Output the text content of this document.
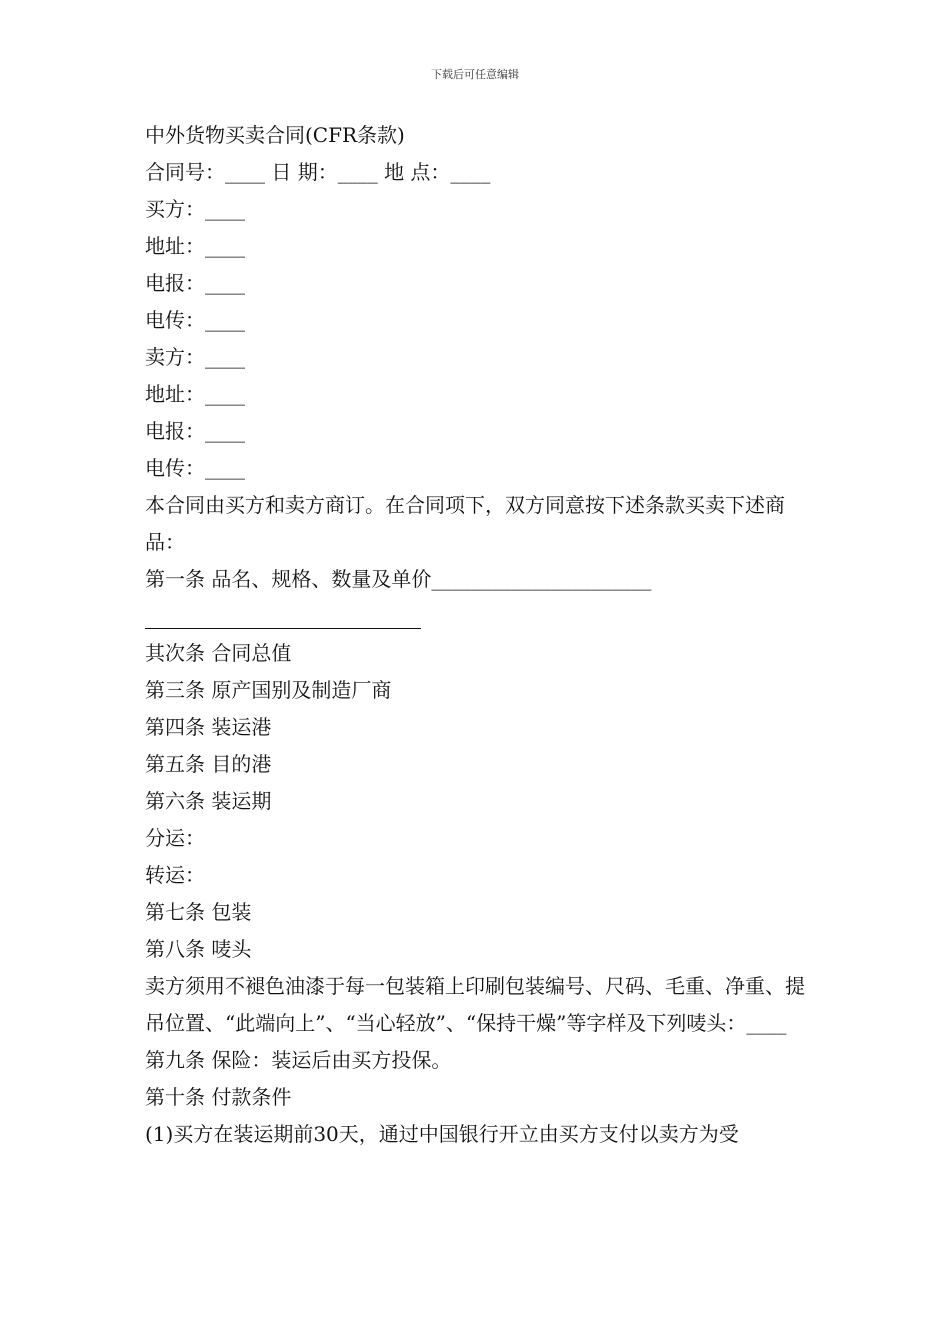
下载后可任意编辑
中外货物买卖合同(CFR条款)
合同号：____ 日 期：____ 地 点：____
买方：____
地址：____
电报：____
电传：____
卖方：____
地址：____
电报：____
电传：____
本合同由买方和卖方商订。在合同项下，双方同意按下述条款买卖下述商品：
第一条 品名、规格、数量及单价______________________
其次条 合同总值
第三条 原产国别及制造厂商
第四条 装运港
第五条 目的港
第六条 装运期
分运：
转运：
第七条 包装
第八条 唛头
卖方须用不褪色油漆于每一包装箱上印刷包装编号、尺码、毛重、净重、提吊位置、“此端向上”、“当心轻放”、“保持干燥”等字样及下列唛头：____
第九条 保险：装运后由买方投保。
第十条 付款条件
(1)买方在装运期前30天，通过中国银行开立由买方支付以卖方为受
